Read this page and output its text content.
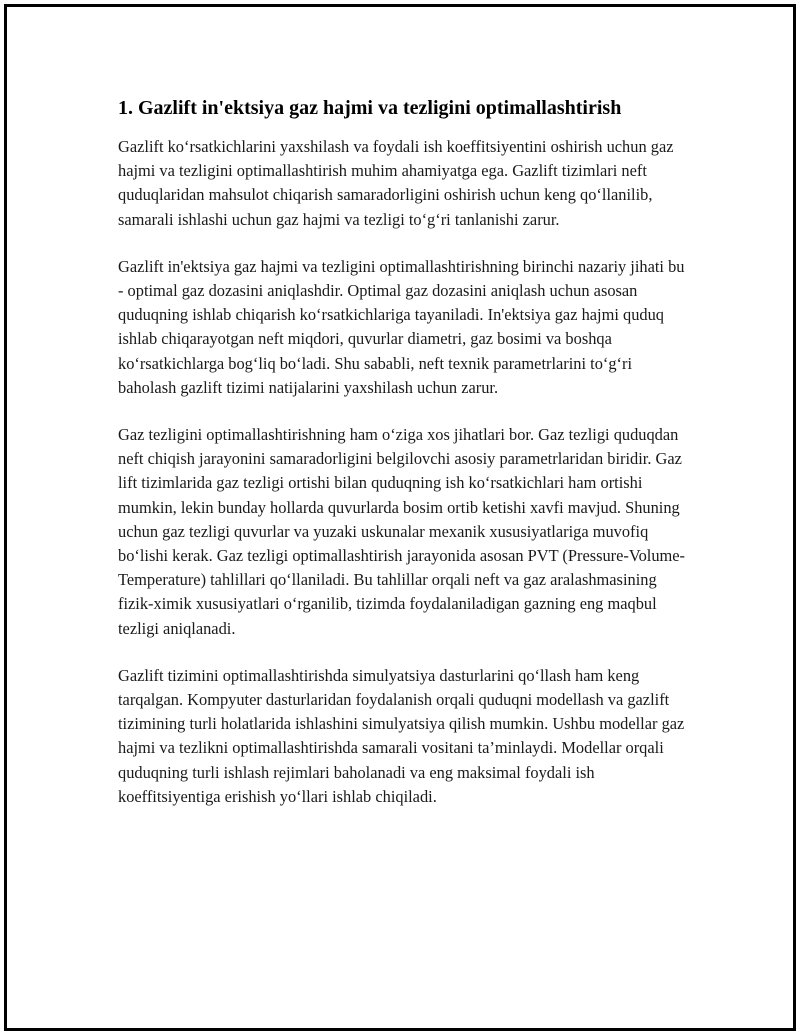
1. Gazlift in'ektsiya gaz hajmi va tezligini optimallashtirish

Gazlift ko‘rsatkichlarini yaxshilash va foydali ish koeffitsiyentini oshirish uchun gaz hajmi va tezligini optimallashtirish muhim ahamiyatga ega. Gazlift tizimlari neft quduqlaridan mahsulot chiqarish samaradorligini oshirish uchun keng qo‘llanilib, samarali ishlashi uchun gaz hajmi va tezligi to‘g‘ri tanlanishi zarur.

Gazlift in'ektsiya gaz hajmi va tezligini optimallashtirishning birinchi nazariy jihati bu - optimal gaz dozasini aniqlashdir. Optimal gaz dozasini aniqlash uchun asosan quduqning ishlab chiqarish ko‘rsatkichlariga tayaniladi. In'ektsiya gaz hajmi quduq ishlab chiqarayotgan neft miqdori, quvurlar diametri, gaz bosimi va boshqa ko‘rsatkichlarga bog‘liq bo‘ladi. Shu sababli, neft texnik parametrlarini to‘g‘ri baholash gazlift tizimi natijalarini yaxshilash uchun zarur.

Gaz tezligini optimallashtirishning ham o‘ziga xos jihatlari bor. Gaz tezligi quduqdan neft chiqish jarayonini samaradorligini belgilovchi asosiy parametrlaridan biridir. Gaz lift tizimlarida gaz tezligi ortishi bilan quduqning ish ko‘rsatkichlari ham ortishi mumkin, lekin bunday hollarda quvurlarda bosim ortib ketishi xavfi mavjud. Shuning uchun gaz tezligi quvurlar va yuzaki uskunalar mexanik xususiyatlariga muvofiq bo‘lishi kerak. Gaz tezligi optimallashtirish jarayonida asosan PVT (Pressure-Volume-Temperature) tahlillari qo‘llaniladi. Bu tahlillar orqali neft va gaz aralashmasining fizik-ximik xususiyatlari o‘rganilib, tizimda foydalaniladigan gazning eng maqbul tezligi aniqlanadi.

Gazlift tizimini optimallashtirishda simulyatsiya dasturlarini qo‘llash ham keng tarqalgan. Kompyuter dasturlaridan foydalanish orqali quduqni modellash va gazlift tizimining turli holatlarida ishlashini simulyatsiya qilish mumkin. Ushbu modellar gaz hajmi va tezlikni optimallashtirishda samarali vositani ta’minlaydi. Modellar orqali quduqning turli ishlash rejimlari baholanadi va eng maksimal foydali ish koeffitsiyentiga erishish yo‘llari ishlab chiqiladi.
